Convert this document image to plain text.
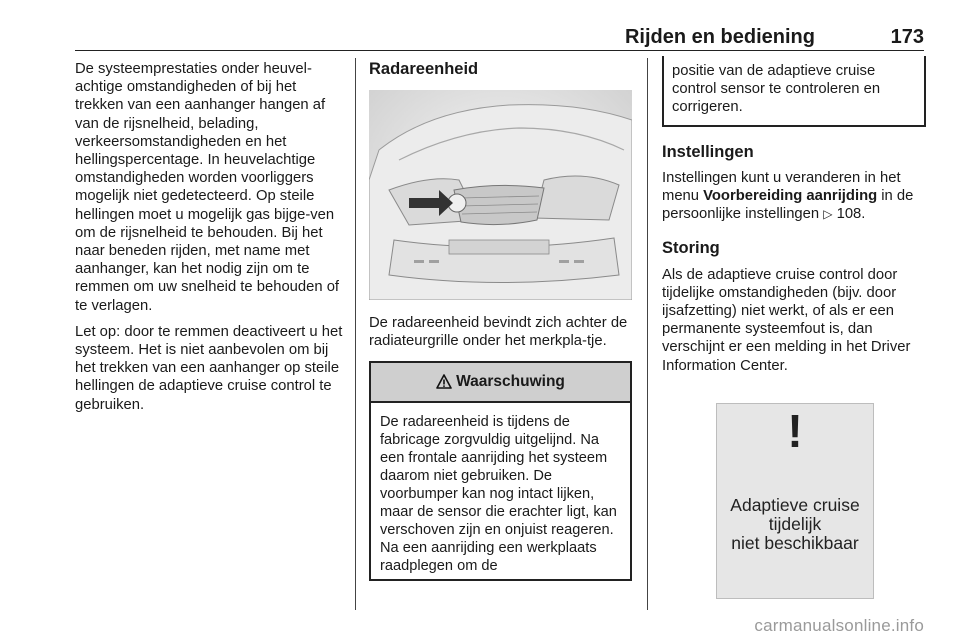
Rijden en bediening	173

De systeemprestaties onder heuvel-achtige omstandigheden of bij het trekken van een aanhanger hangen af van de rijsnelheid, belading, verkeersomstandigheden en het hellingspercentage. In heuvelachtige omstandigheden worden voorliggers mogelijk niet gedetecteerd. Op steile hellingen moet u mogelijk gas bijge-ven om de rijsnelheid te behouden. Bij het naar beneden rijden, met name met aanhanger, kan het nodig zijn om te remmen om uw snelheid te behouden of te verlagen.

Let op: door te remmen deactiveert u het systeem. Het is niet aanbevolen om bij het trekken van een aanhanger op steile hellingen de adaptieve cruise control te gebruiken.

Radareenheid

De radareenheid bevindt zich achter de radiateurgrille onder het merkpla-tje.

Waarschuwing
De radareenheid is tijdens de fabricage zorgvuldig uitgelijnd. Na een frontale aanrijding het systeem daarom niet gebruiken. De voorbumper kan nog intact lijken, maar de sensor die erachter ligt, kan verschoven zijn en onjuist reageren. Na een aanrijding een werkplaats raadplegen om de
positie van de adaptieve cruise control sensor te controleren en corrigeren.
Instellingen

Instellingen kunt u veranderen in het menu Voorbereiding aanrijding in de persoonlijke instellingen ▷ 108.

Storing

Als de adaptieve cruise control door tijdelijke omstandigheden (bijv. door ijsafzetting) niet werkt, of als er een permanente systeemfout is, dan verschijnt er een melding in het Driver Information Center.

!
Adaptieve cruise
tijdelijk
niet beschikbaar
carmanualsonline.info
